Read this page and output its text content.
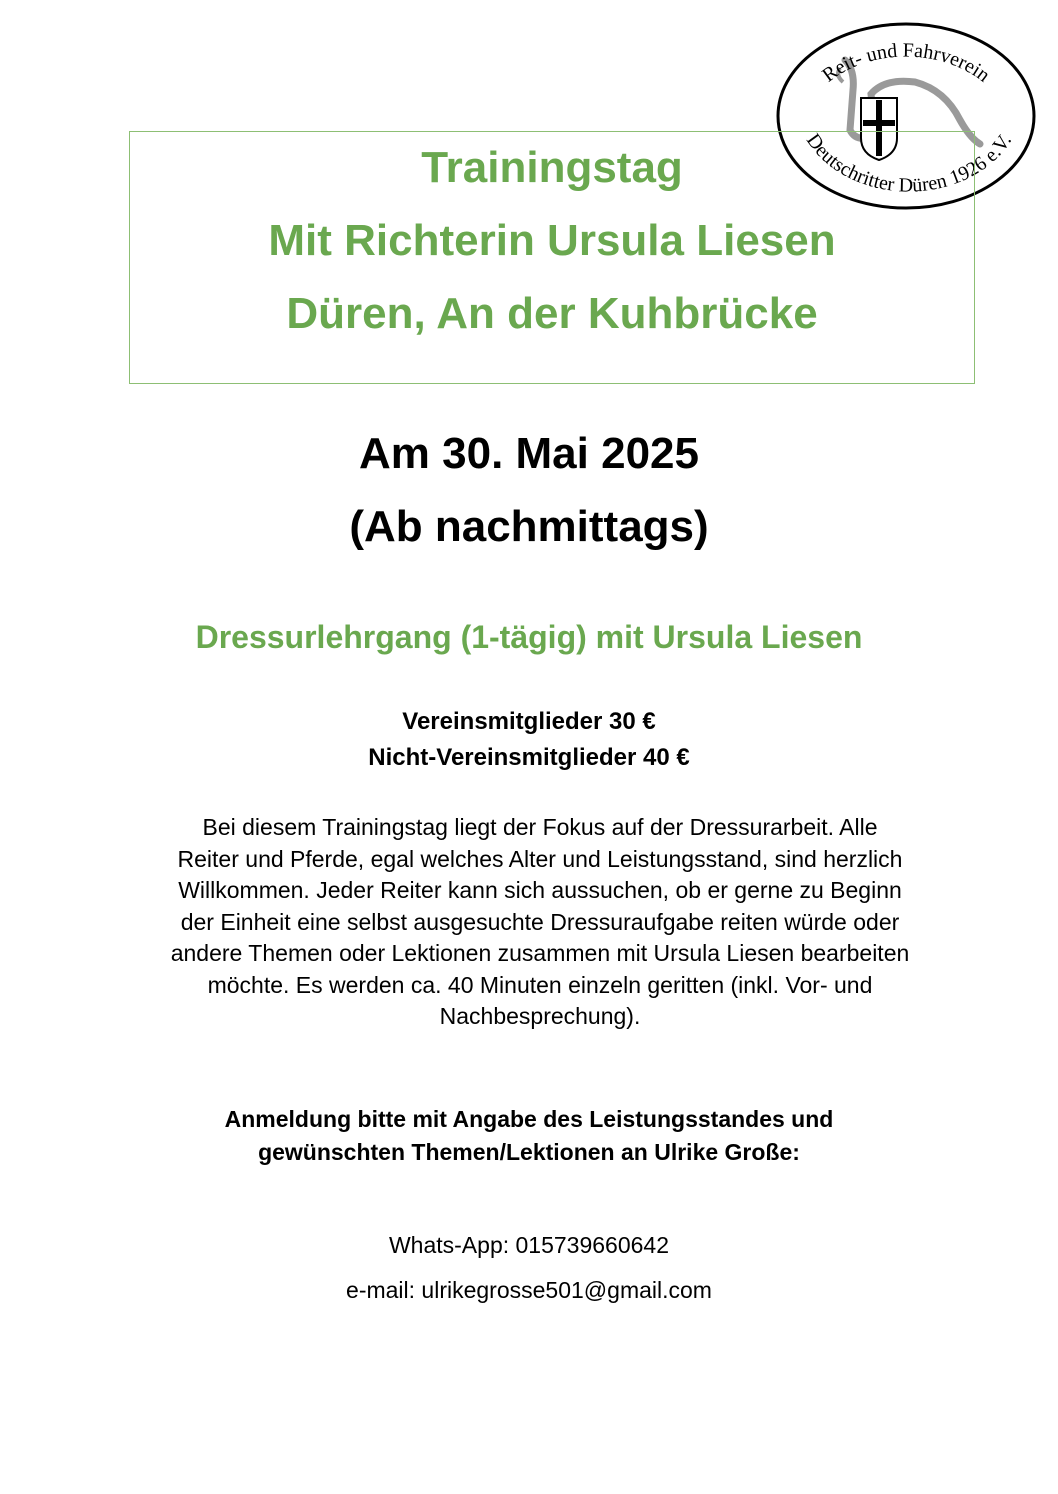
Reit- und Fahrverein
Deutschritter Düren 1926 e.V.
Trainingstag
Mit Richterin Ursula Liesen
Düren, An der Kuhbrücke
Am 30. Mai 2025
(Ab nachmittags)
Dressurlehrgang (1-tägig) mit Ursula Liesen
Vereinsmitglieder 30 €
Nicht-Vereinsmitglieder 40 €
Bei diesem Trainingstag liegt der Fokus auf der Dressurarbeit. Alle
Reiter und Pferde, egal welches Alter und Leistungsstand, sind herzlich
Willkommen. Jeder Reiter kann sich aussuchen, ob er gerne zu Beginn
der Einheit eine selbst ausgesuchte Dressuraufgabe reiten würde oder
andere Themen oder Lektionen zusammen mit Ursula Liesen bearbeiten
möchte. Es werden ca. 40 Minuten einzeln geritten (inkl. Vor- und
Nachbesprechung).
Anmeldung bitte mit Angabe des Leistungsstandes und
gewünschten Themen/Lektionen an Ulrike Große:
Whats-App: 015739660642
e-mail: ulrikegrosse501@gmail.com
